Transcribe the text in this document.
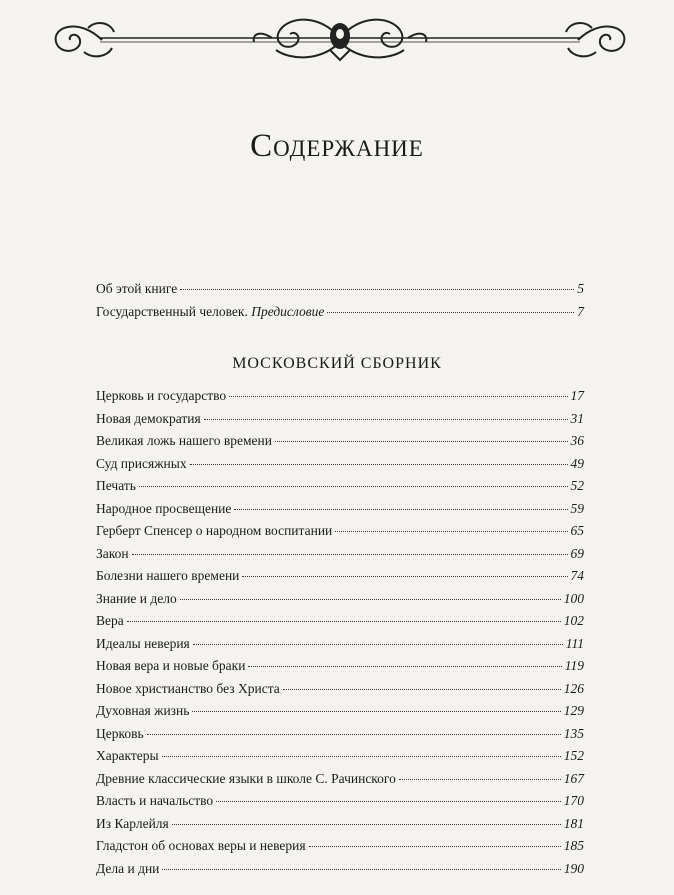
Содержание
Об этой книге	5
Государственный человек. Предисловие	7
МОСКОВСКИЙ СБОРНИК
Церковь и государство	17
Новая демократия	31
Великая ложь нашего времени	36
Суд присяжных	49
Печать	52
Народное просвещение	59
Герберт Спенсер о народном воспитании	65
Закон	69
Болезни нашего времени	74
Знание и дело	100
Вера	102
Идеалы неверия	111
Новая вера и новые браки	119
Новое христианство без Христа	126
Духовная жизнь	129
Церковь	135
Характеры	152
Древние классические языки в школе С. Рачинского	167
Власть и начальство	170
Из Карлейля	181
Гладстон об основах веры и неверия	185
Дела и дни	190
